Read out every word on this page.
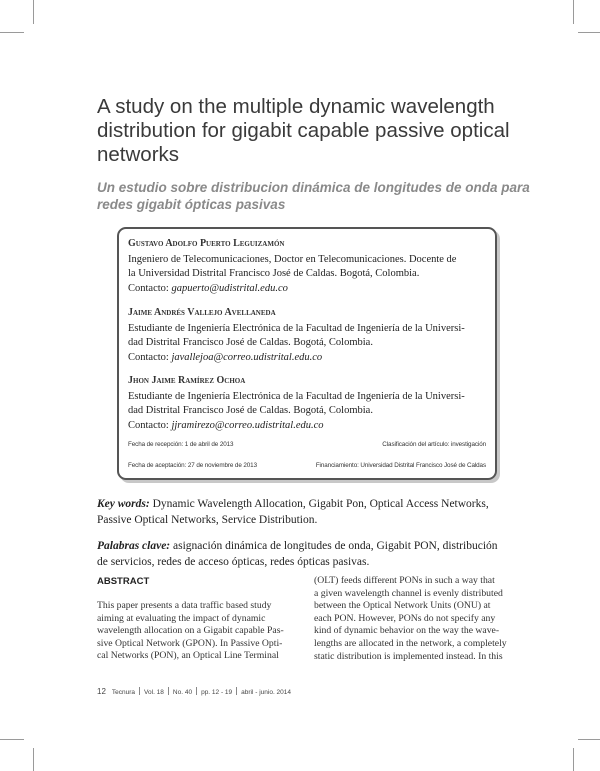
A study on the multiple dynamic wavelength distribution for gigabit capable passive optical networks
Un estudio sobre distribucion dinámica de longitudes de onda para
redes gigabit ópticas pasivas
Gustavo Adolfo Puerto Leguizamón
Ingeniero de Telecomunicaciones, Doctor en Telecomunicaciones. Docente de
la Universidad Distrital Francisco José de Caldas. Bogotá, Colombia.
Contacto: gapuerto@udistrital.edu.co
Jaime Andrés Vallejo Avellaneda
Estudiante de Ingeniería Electrónica de la Facultad de Ingeniería de la Universi-
dad Distrital Francisco José de Caldas. Bogotá, Colombia.
Contacto: javallejoa@correo.udistrital.edu.co
Jhon Jaime Ramírez Ochoa
Estudiante de Ingeniería Electrónica de la Facultad de Ingeniería de la Universi-
dad Distrital Francisco José de Caldas. Bogotá, Colombia.
Contacto: jjramirezo@correo.udistrital.edu.co
Fecha de recepción: 1 de abril de 2013	Clasificación del artículo: investigación
Fecha de aceptación: 27 de noviembre de 2013	Financiamiento: Universidad Distrital Francisco José de Caldas
Key words: Dynamic Wavelength Allocation, Gigabit Pon, Optical Access Networks,
Passive Optical Networks, Service Distribution.
Palabras clave: asignación dinámica de longitudes de onda, Gigabit PON, distribución
de servicios, redes de acceso ópticas, redes ópticas pasivas.
ABSTRACT
This paper presents a data traffic based study
aiming at evaluating the impact of dynamic
wavelength allocation on a Gigabit capable Pas-
sive Optical Network (GPON). In Passive Opti-
cal Networks (PON), an Optical Line Terminal
(OLT) feeds different PONs in such a way that
a given wavelength channel is evenly distributed
between the Optical Network Units (ONU) at
each PON. However, PONs do not specify any
kind of dynamic behavior on the way the wave-
lengths are allocated in the network, a completely
static distribution is implemented instead. In this
12 Tecnura Vol. 18 No. 40 pp. 12 - 19 abril - junio. 2014
